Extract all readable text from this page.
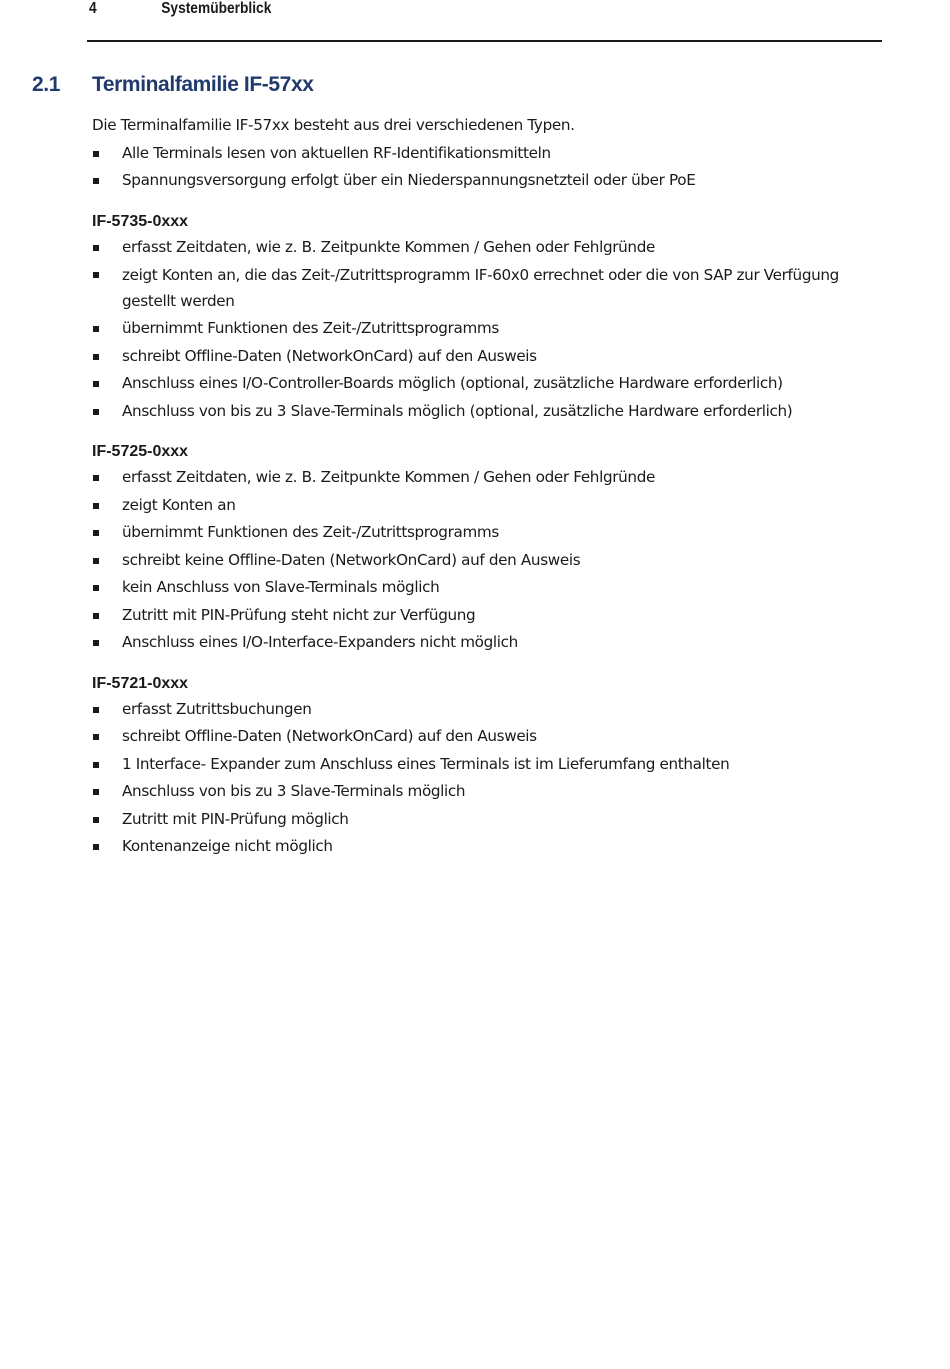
4	Systemüberblick
2.1 Terminalfamilie IF-57xx

Die Terminalfamilie IF-57xx besteht aus drei verschiedenen Typen.

Alle Terminals lesen von aktuellen RF-Identifikationsmitteln
Spannungsversorgung erfolgt über ein Niederspannungsnetzteil oder über PoE
IF-5735-0xxx
erfasst Zeitdaten, wie z. B. Zeitpunkte Kommen / Gehen oder Fehlgründe
zeigt Konten an, die das Zeit-/Zutrittsprogramm IF-60x0 errechnet oder die von SAP zur Verfügung gestellt werden
übernimmt Funktionen des Zeit-/Zutrittsprogramms
schreibt Offline-Daten (NetworkOnCard) auf den Ausweis
Anschluss eines I/O-Controller-Boards möglich (optional, zusätzliche Hardware erforderlich)
Anschluss von bis zu 3 Slave-Terminals möglich (optional, zusätzliche Hardware erforderlich)
IF-5725-0xxx
erfasst Zeitdaten, wie z. B. Zeitpunkte Kommen / Gehen oder Fehlgründe
zeigt Konten an
übernimmt Funktionen des Zeit-/Zutrittsprogramms
schreibt keine Offline-Daten (NetworkOnCard) auf den Ausweis
kein Anschluss von Slave-Terminals möglich
Zutritt mit PIN-Prüfung steht nicht zur Verfügung
Anschluss eines I/O-Interface-Expanders nicht möglich
IF-5721-0xxx
erfasst Zutrittsbuchungen
schreibt Offline-Daten (NetworkOnCard) auf den Ausweis
1 Interface- Expander zum Anschluss eines Terminals ist im Lieferumfang enthalten
Anschluss von bis zu 3 Slave-Terminals möglich
Zutritt mit PIN-Prüfung möglich
Kontenanzeige nicht möglich
